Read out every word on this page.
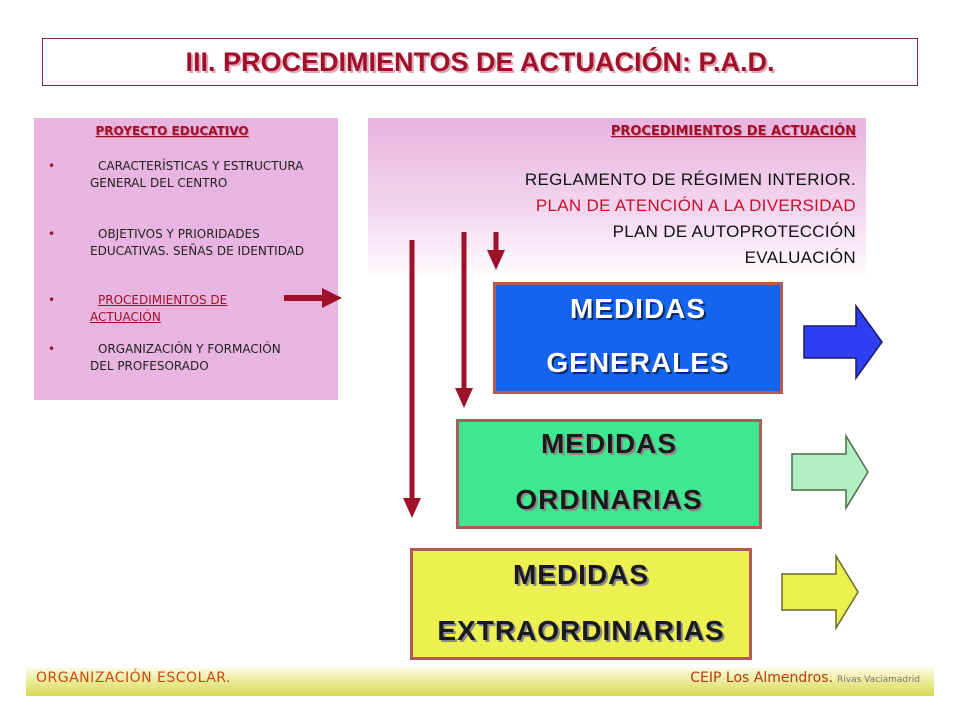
III. PROCEDIMIENTOS DE ACTUACIÓN: P.A.D.
PROYECTO EDUCATIVO
•	CARACTERÍSTICAS Y ESTRUCTURA GENERAL DEL CENTRO
•	OBJETIVOS Y PRIORIDADES EDUCATIVAS. SEÑAS DE IDENTIDAD
•	PROCEDIMIENTOS DE ACTUACIÓN
•	ORGANIZACIÓN Y FORMACIÓN DEL PROFESORADO
PROCEDIMIENTOS DE ACTUACIÓN
REGLAMENTO DE RÉGIMEN INTERIOR.
PLAN DE ATENCIÓN A LA DIVERSIDAD
PLAN DE AUTOPROTECCIÓN
EVALUACIÓN
MEDIDAS
GENERALES
MEDIDAS
ORDINARIAS
MEDIDAS
EXTRAORDINARIAS
ORGANIZACIÓN ESCOLAR.	CEIP Los Almendros. Rivas Vaciamadrid
